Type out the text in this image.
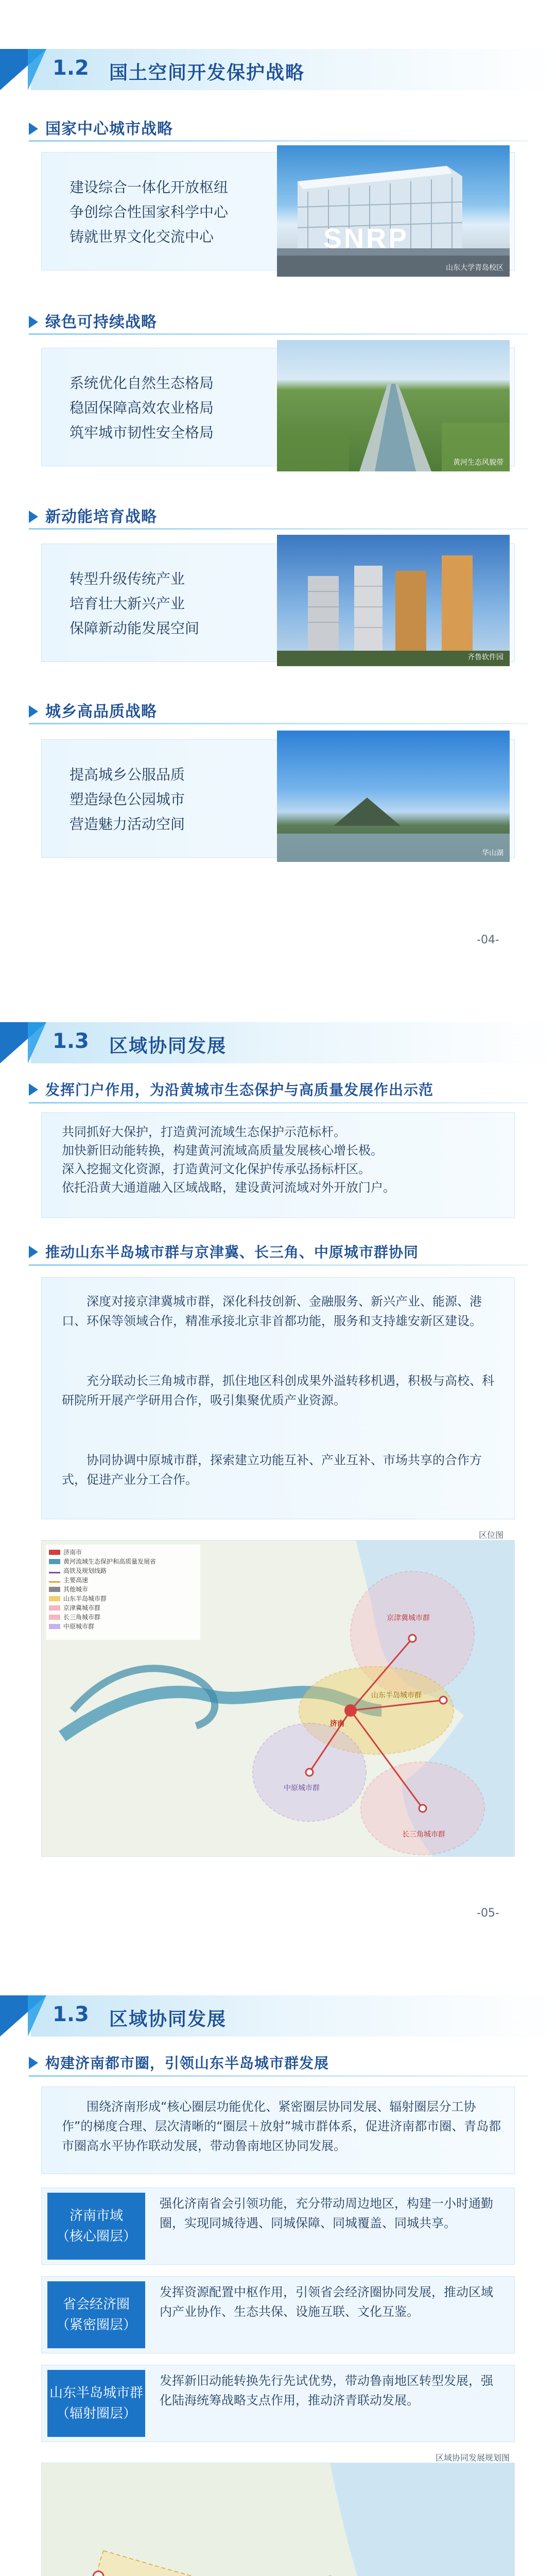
1.2 国土空间开发保护战略
国家中心城市战略
建设综合一体化开放枢纽
争创综合性国家科学中心
铸就世界文化交流中心	SNRP
山东大学青岛校区
绿色可持续战略
系统优化自然生态格局
稳固保障高效农业格局
筑牢城市韧性安全格局
黄河生态风貌带
新动能培育战略
转型升级传统产业
培育壮大新兴产业
保障新动能发展空间
齐鲁软件园
城乡高品质战略
提高城乡公服品质
塑造绿色公园城市
营造魅力活动空间
华山湖
-04-
1.3 区域协同发展
发挥门户作用，为沿黄城市生态保护与高质量发展作出示范
共同抓好大保护，打造黄河流域生态保护示范标杆。
加快新旧动能转换，构建黄河流域高质量发展核心增长极。
深入挖掘文化资源，打造黄河文化保护传承弘扬标杆区。
依托沿黄大通道融入区域战略，建设黄河流域对外开放门户。
推动山东半岛城市群与京津冀、长三角、中原城市群协同
深度对接京津冀城市群，深化科技创新、金融服务、新兴产业、能源、港口、环保等领域合作，精准承接北京非首都功能，服务和支持雄安新区建设。
充分联动长三角城市群，抓住地区科创成果外溢转移机遇，积极与高校、科研院所开展产学研用合作，吸引集聚优质产业资源。
协同协调中原城市群，探索建立功能互补、产业互补、市场共享的合作方式，促进产业分工合作。
区位图
济南市
黄河流域生态保护和高质量发展省
高铁及规划线路
主要高速
其他城市
山东半岛城市群
京津冀城市群
长三角城市群
中原城市群
京津冀城市群
山东半岛城市群
济南
中原城市群
长三角城市群
-05-
1.3 区域协同发展
构建济南都市圈，引领山东半岛城市群发展
围绕济南形成“核心圈层功能优化、紧密圈层协同发展、辐射圈层分工协作”的梯度合理、层次清晰的“圈层＋放射”城市群体系，促进济南都市圈、青岛都市圈高水平协作联动发展，带动鲁南地区协同发展。
济南市域
（核心圈层）
强化济南省会引领功能，充分带动周边地区，构建一小时通勤圈，实现同城待遇、同城保障、同城覆盖、同城共享。
省会经济圈
（紧密圈层）
发挥资源配置中枢作用，引领省会经济圈协同发展，推动区域内产业协作、生态共保、设施互联、文化互鉴。
山东半岛城市群
（辐射圈层）
发挥新旧动能转换先行先试优势，带动鲁南地区转型发展，强化陆海统筹战略支点作用，推动济青联动发展。
区域协同发展规划图
